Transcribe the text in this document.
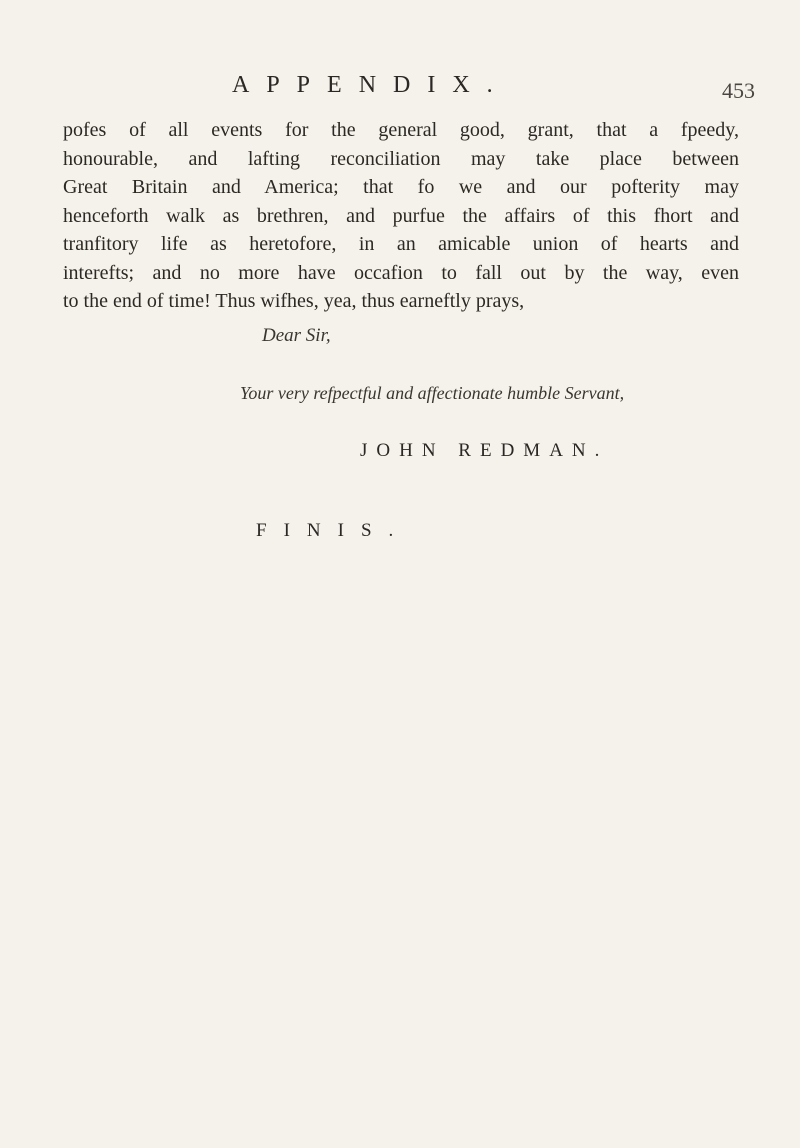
APPENDIX.	453
pofes of all events for the general good, grant, that a fpeedy,
honourable, and lafting reconciliation may take place between
Great Britain and America; that fo we and our pofterity may
henceforth walk as brethren, and purfue the affairs of this fhort and
tranfitory life as heretofore, in an amicable union of hearts and
interefts; and no more have occafion to fall out by the way, even
to the end of time! Thus wifhes, yea, thus earneftly prays,
Dear Sir,
Your very refpectful and affectionate humble Servant,
JOHN REDMAN.
FINIS.
